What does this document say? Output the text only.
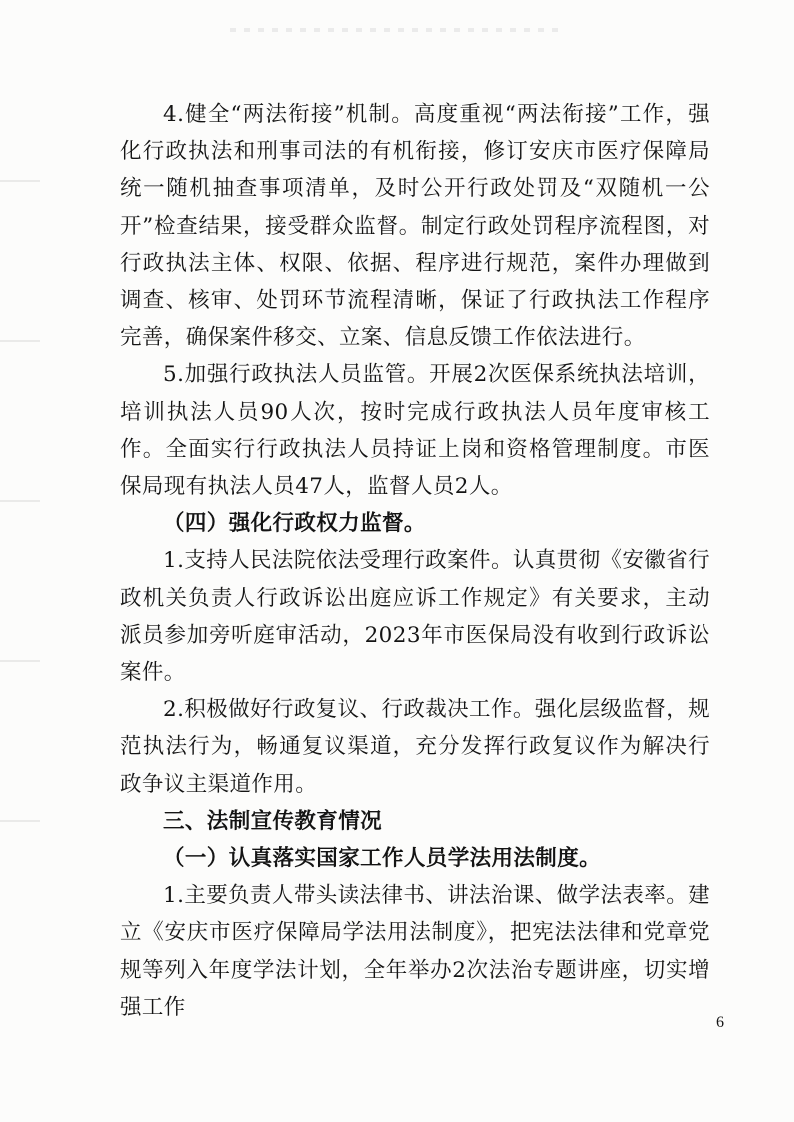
4.健全“两法衔接”机制。高度重视“两法衔接”工作，强化行政执法和刑事司法的有机衔接，修订安庆市医疗保障局统一随机抽查事项清单，及时公开行政处罚及“双随机一公开”检查结果，接受群众监督。制定行政处罚程序流程图，对行政执法主体、权限、依据、程序进行规范，案件办理做到调查、核审、处罚环节流程清晰，保证了行政执法工作程序完善，确保案件移交、立案、信息反馈工作依法进行。

5.加强行政执法人员监管。开展2次医保系统执法培训，培训执法人员90人次，按时完成行政执法人员年度审核工作。全面实行行政执法人员持证上岗和资格管理制度。市医保局现有执法人员47人，监督人员2人。

（四）强化行政权力监督。

1.支持人民法院依法受理行政案件。认真贯彻《安徽省行政机关负责人行政诉讼出庭应诉工作规定》有关要求，主动派员参加旁听庭审活动，2023年市医保局没有收到行政诉讼案件。

2.积极做好行政复议、行政裁决工作。强化层级监督，规范执法行为，畅通复议渠道，充分发挥行政复议作为解决行政争议主渠道作用。

三、法制宣传教育情况

（一）认真落实国家工作人员学法用法制度。

1.主要负责人带头读法律书、讲法治课、做学法表率。建立《安庆市医疗保障局学法用法制度》，把宪法法律和党章党规等列入年度学法计划，全年举办2次法治专题讲座，切实增强工作

6
